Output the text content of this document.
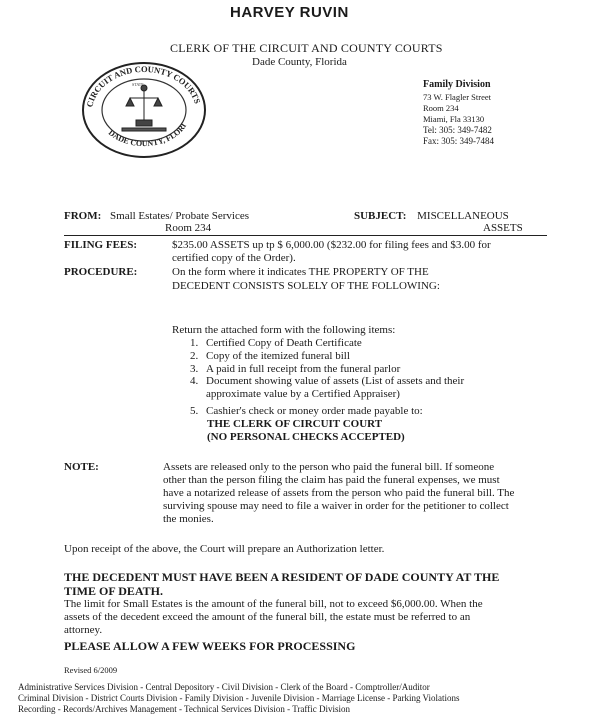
HARVEY RUVIN
CLERK OF THE CIRCUIT AND COUNTY COURTS
Dade County, Florida
CIRCUIT AND COUNTY COURTS
DADE COUNTY, FLORI
STATE	Family Division
73 W. Flagler Street
Room 234
Miami, Fla 33130
Tel: 305: 349-7482
Fax: 305: 349-7484
FROM: Small Estates/ Probate Services
Room 234
SUBJECT: MISCELLANEOUS
ASSETS
FILING FEES:	$235.00 ASSETS up tp $ 6,000.00 ($232.00 for filing fees and $3.00 for
certified copy of the Order).
PROCEDURE:	On the form where it indicates THE PROPERTY OF THE
DECEDENT CONSISTS SOLELY OF THE FOLLOWING:
Return the attached form with the following items:
1. Certified Copy of Death Certificate
2. Copy of the itemized funeral bill
3. A paid in full receipt from the funeral parlor
4. Document showing value of assets (List of assets and their
approximate value by a Certified Appraiser)
5. Cashier's check or money order made payable to:
THE CLERK OF CIRCUIT COURT
(NO PERSONAL CHECKS ACCEPTED)
NOTE:	Assets are released only to the person who paid the funeral bill. If someone
other than the person filing the claim has paid the funeral expenses, we must
have a notarized release of assets from the person who paid the funeral bill. The
surviving spouse may need to file a waiver in order for the petitioner to collect
the monies.
Upon receipt of the above, the Court will prepare an Authorization letter.
THE DECEDENT MUST HAVE BEEN A RESIDENT OF DADE COUNTY AT THE
TIME OF DEATH.
The limit for Small Estates is the amount of the funeral bill, not to exceed $6,000.00. When the
assets of the decedent exceed the amount of the funeral bill, the estate must be referred to an
attorney.
PLEASE ALLOW A FEW WEEKS FOR PROCESSING
Revised 6/2009
Administrative Services Division - Central Depository - Civil Division - Clerk of the Board - Comptroller/Auditor
Criminal Division - District Courts Division - Family Division - Juvenile Division - Marriage License - Parking Violations
Recording - Records/Archives Management - Technical Services Division - Traffic Division
